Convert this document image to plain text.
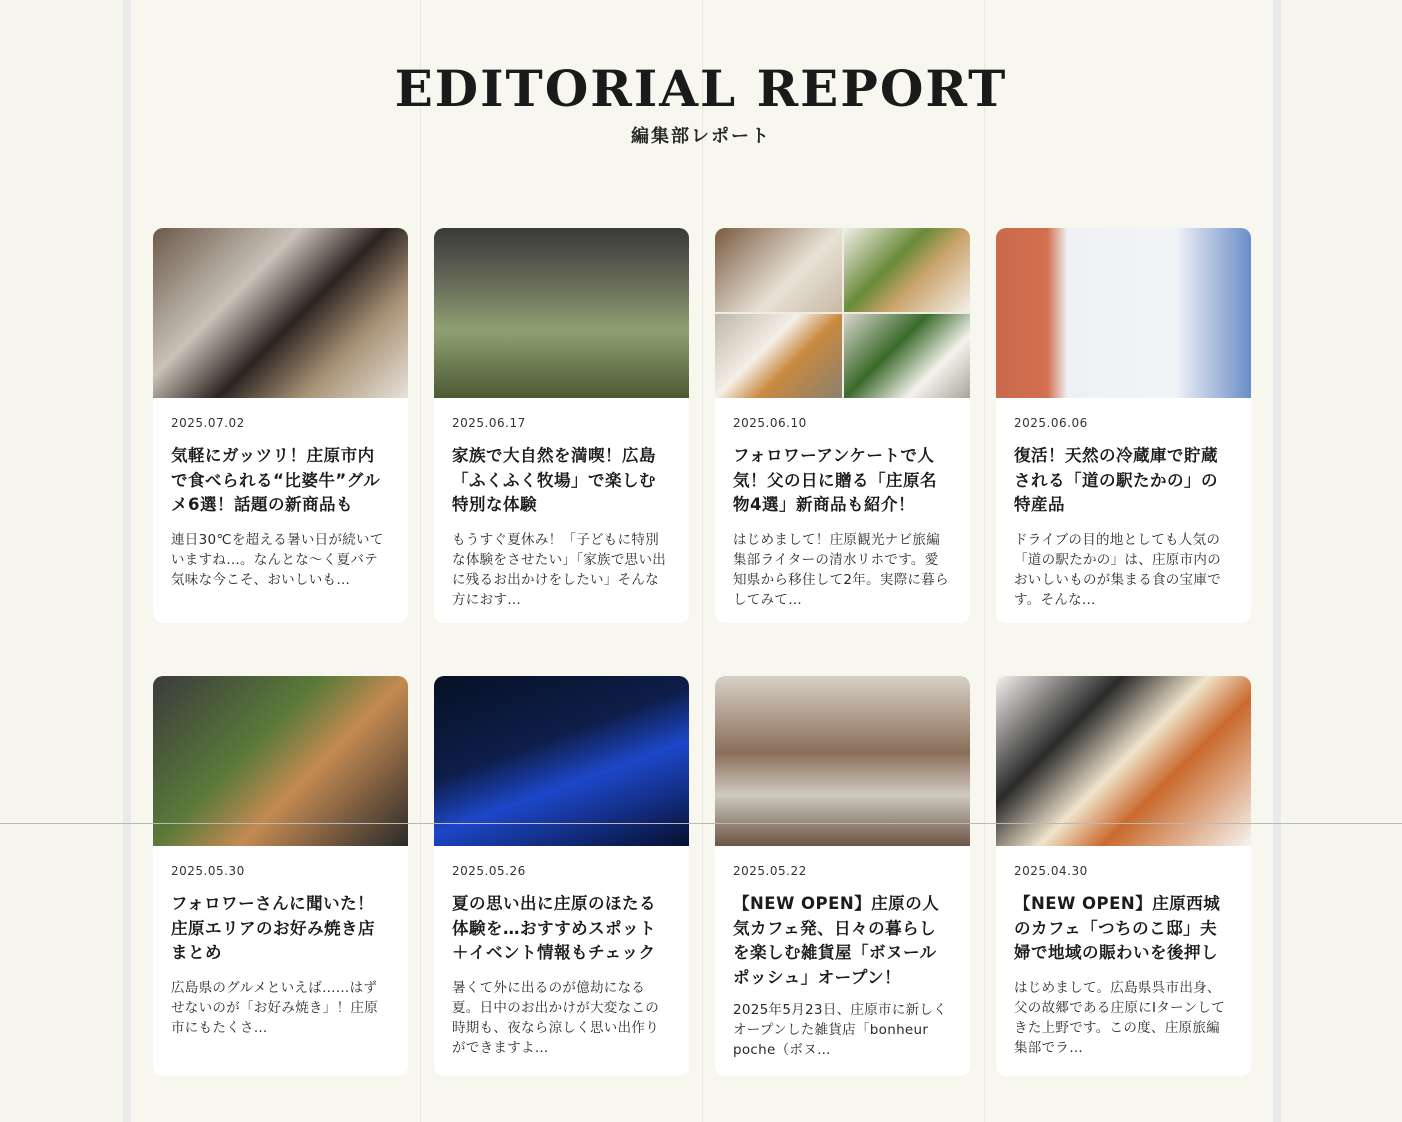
EDITORIAL REPORT
編集部レポート
2025.07.02
気軽にガッツリ！庄原市内で食べられる“比婆牛”グルメ6選！話題の新商品も
連日30℃を超える暑い日が続いていますね…。なんとな〜く夏バテ気味な今こそ、おいしいも…
2025.06.17
家族で大自然を満喫！広島「ふくふく牧場」で楽しむ特別な体験
もうすぐ夏休み！「子どもに特別な体験をさせたい」「家族で思い出に残るお出かけをしたい」そんな方におす…
2025.06.10
フォロワーアンケートで人気！父の日に贈る「庄原名物4選」新商品も紹介！
はじめまして！庄原観光ナビ旅編集部ライターの清水リホです。愛知県から移住して2年。実際に暮らしてみて…
2025.06.06
復活！天然の冷蔵庫で貯蔵される「道の駅たかの」の特産品
ドライブの目的地としても人気の「道の駅たかの」は、庄原市内のおいしいものが集まる食の宝庫です。そんな…
2025.05.30
フォロワーさんに聞いた！庄原エリアのお好み焼き店まとめ
広島県のグルメといえば……はずせないのが「お好み焼き」！庄原市にもたくさ…
2025.05.26
夏の思い出に庄原のほたる体験を…おすすめスポット＋イベント情報もチェック
暑くて外に出るのが億劫になる夏。日中のお出かけが大変なこの時期も、夜なら涼しく思い出作りができますよ…
2025.05.22
【NEW OPEN】庄原の人気カフェ発、日々の暮らしを楽しむ雑貨屋「ボヌールポッシュ」オープン！
2025年5月23日、庄原市に新しくオープンした雑貨店「bonheur poche（ボヌ…
2025.04.30
【NEW OPEN】庄原西城のカフェ「つちのこ邸」夫婦で地域の賑わいを後押し
はじめまして。広島県呉市出身、父の故郷である庄原にIターンしてきた上野です。この度、庄原旅編集部でラ…
